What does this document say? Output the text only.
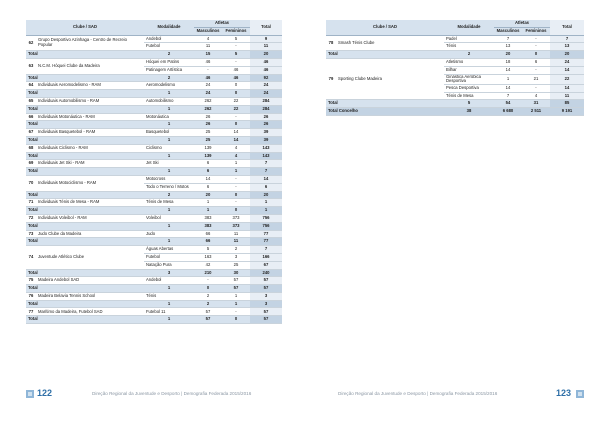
Clube / SAD		Modalidade	Atletas		Total
			Masculinos	Femininos	
62	Grupo Desportivo Azinhaga - Centro de Recreio Popular	Andebol	4	5	9
		Futebol	11	-	11
Total		2	15	5	20
63	N.C.M. Hóquei Clube da Madeira	Hóquei em Patins	46	-	46
		Patinagem Artística	-	46	46
Total		2	46	46	92
64	Individuais Aeromodelismo - RAM	Aeromodelismo	24	0	24
Total		1	24	0	24
65	Individuais Automobilismo - RAM	Automobilismo	262	22	284
Total		1	262	22	284
66	Individuais Motonáutica - RAM	Motonáutica	26	-	26
Total		1	26	0	26
67	Individuais Basquetebol - RAM	Basquetebol	25	14	39
Total		1	25	14	39
68	Individuais Ciclismo - RAM	Ciclismo	139	4	143
Total		1	139	4	143
69	Individuais Jet Ski - RAM	Jet Ski	6	1	7
Total		1	6	1	7
70	Individuais Motociclismo - RAM	Motocross	14	-	14
		Todo o Terreno / Motos	6	-	6
Total		2	20	0	20
71	Individuais Ténis de Mesa - RAM	Ténis de Mesa	1	-	1
Total		1	1	0	1
72	Individuais Voleibol - RAM	Voleibol	383	373	756
Total		1	383	373	756
73	Judo Clube da Madeira	Judo	66	11	77
Total		1	66	11	77
74	Juventude Atlético Clube	Águas Abertas	5	2	7
		Futebol	163	3	166
		Natação Pura	42	25	67
Total		3	210	30	240
75	Madeira Andebol SAD	Andebol	-	57	57
Total		1	0	57	57
76	Madeira Belavia Tennis School	Ténis	2	1	3
Total		1	2	1	3
77	Marítimo da Madeira, Futebol SAD	Futebol 11	57	-	57
Total		1	57	0	57
122	Direção Regional da Juventude e Desporto | Demografia Federada 2015/2016
Clube / SAD		Modalidade	Atletas		Total
			Masculinos	Femininos	
78	Smash Ténis Clube	Padel	7	-	7
		Ténis	13	-	13
Total		2	20	0	20
79	Sporting Clube Madeira	Atletismo	18	6	24
		Bilhar	14	-	14
		Ginástica Aeróbica Desportiva	1	21	22
		Pesca Desportiva	14	-	14
		Ténis de Mesa	7	4	11
Total		5	54	31	85
Total Concelho		38	6 680	2 511	9 191
Direção Regional da Juventude e Desporto | Demografia Federada 2015/2016	123
